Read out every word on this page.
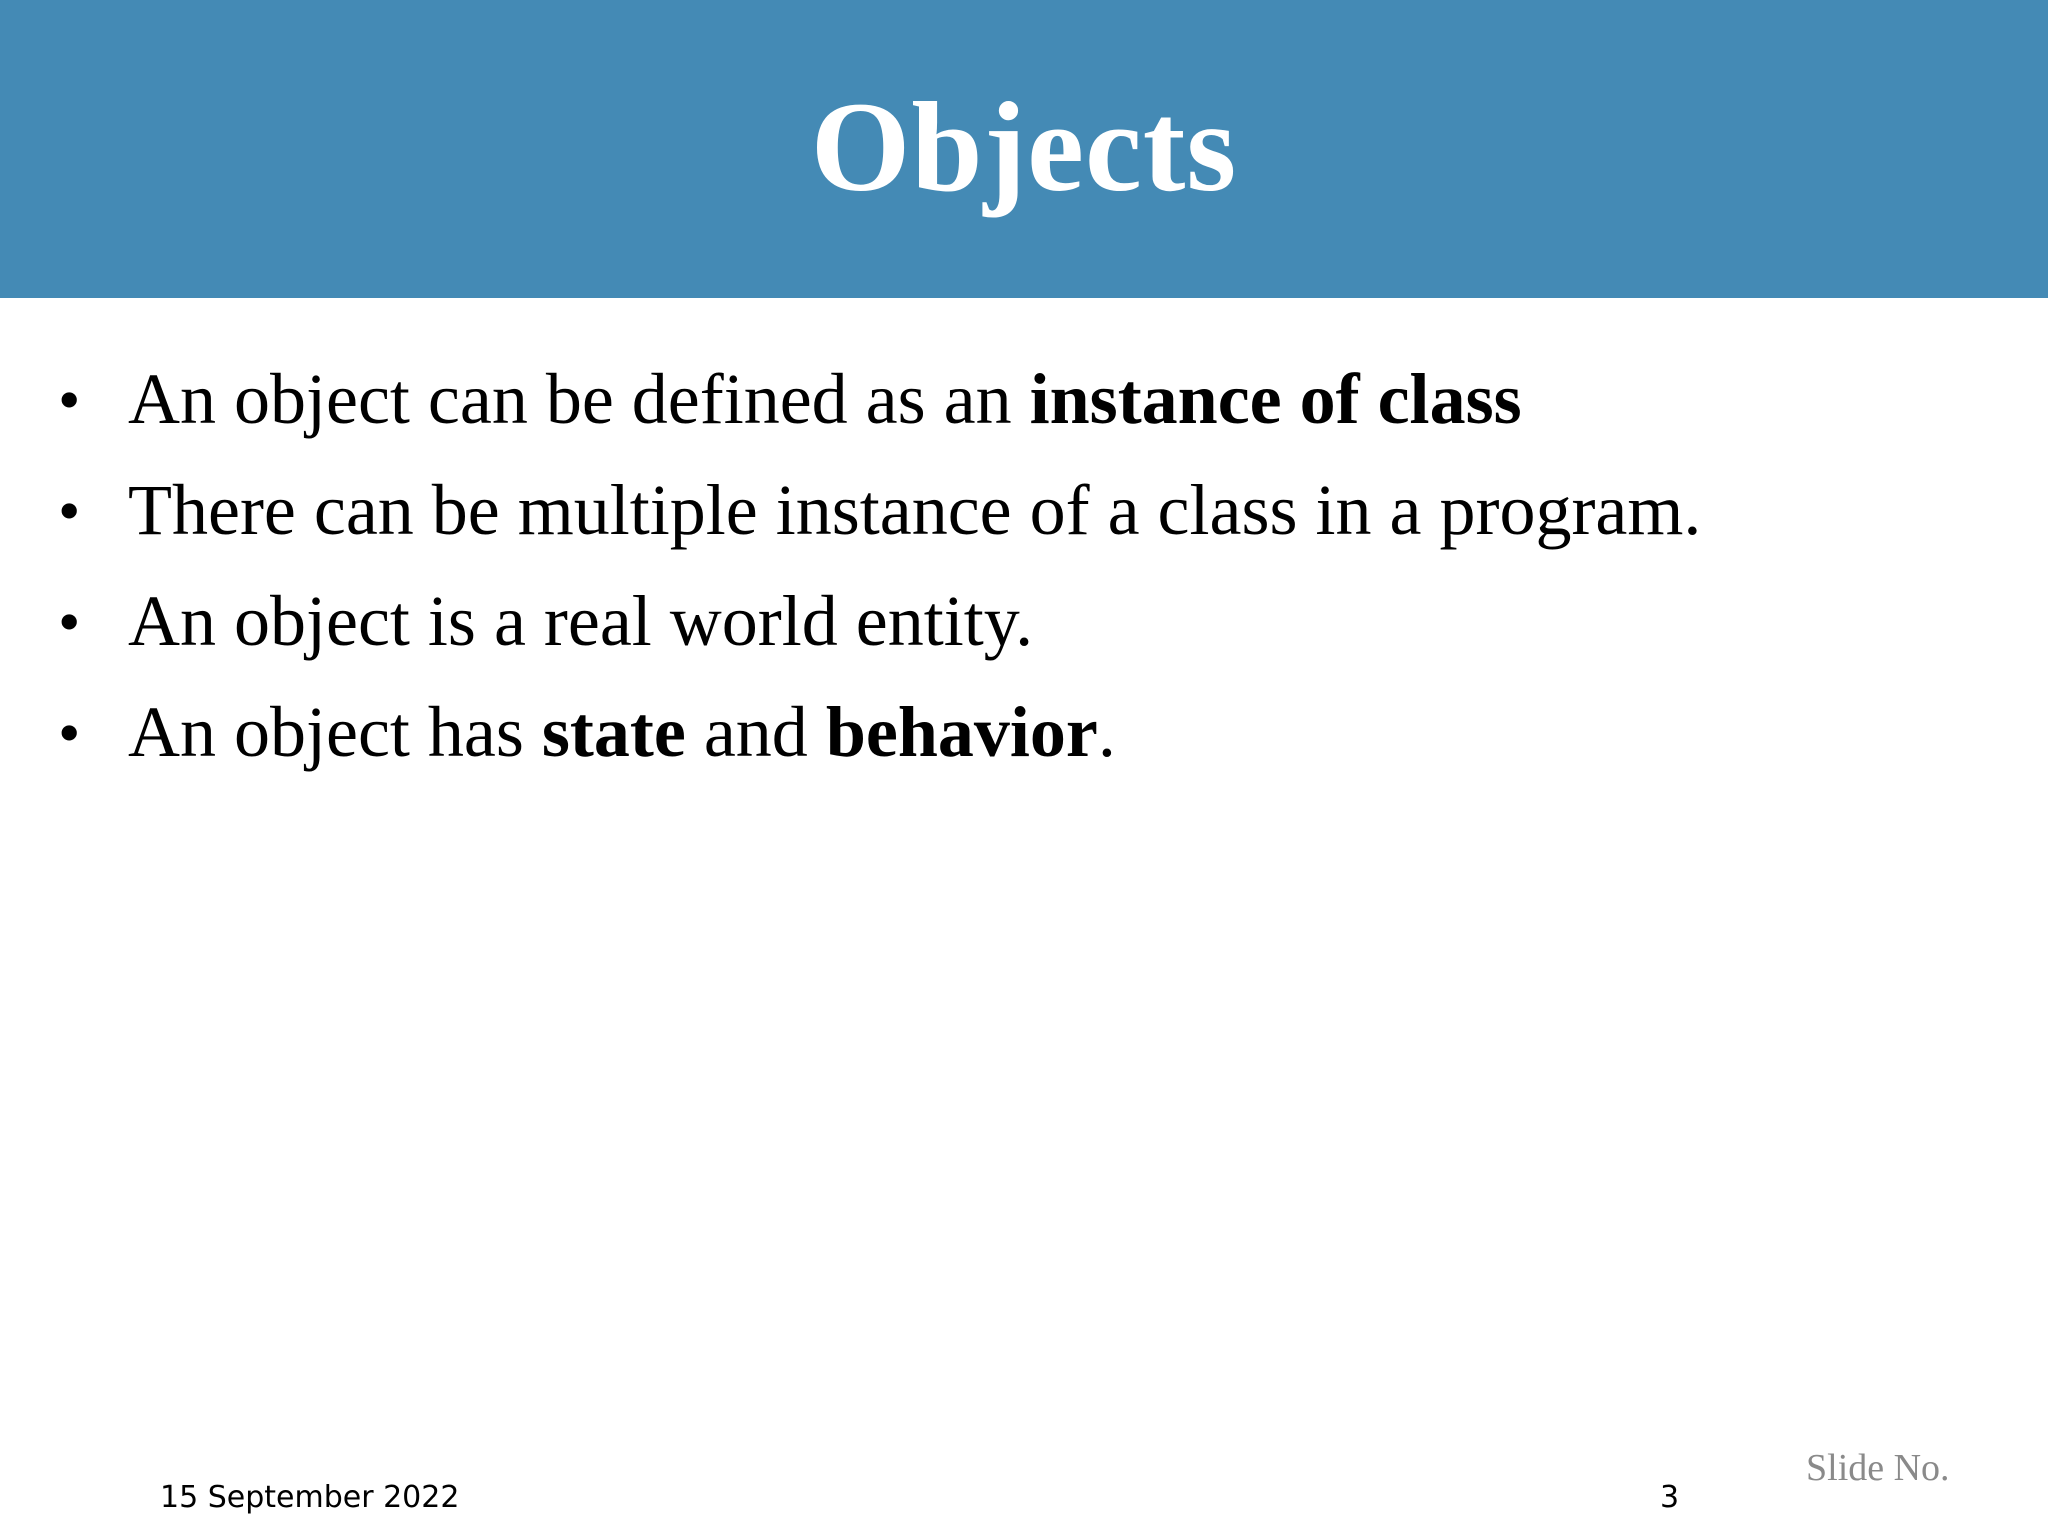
Objects
• An object can be defined as an instance of class
• There can be multiple instance of a class in a program.
• An object is a real world entity.
• An object has state and behavior.
15 September 2022	3
Slide No.
